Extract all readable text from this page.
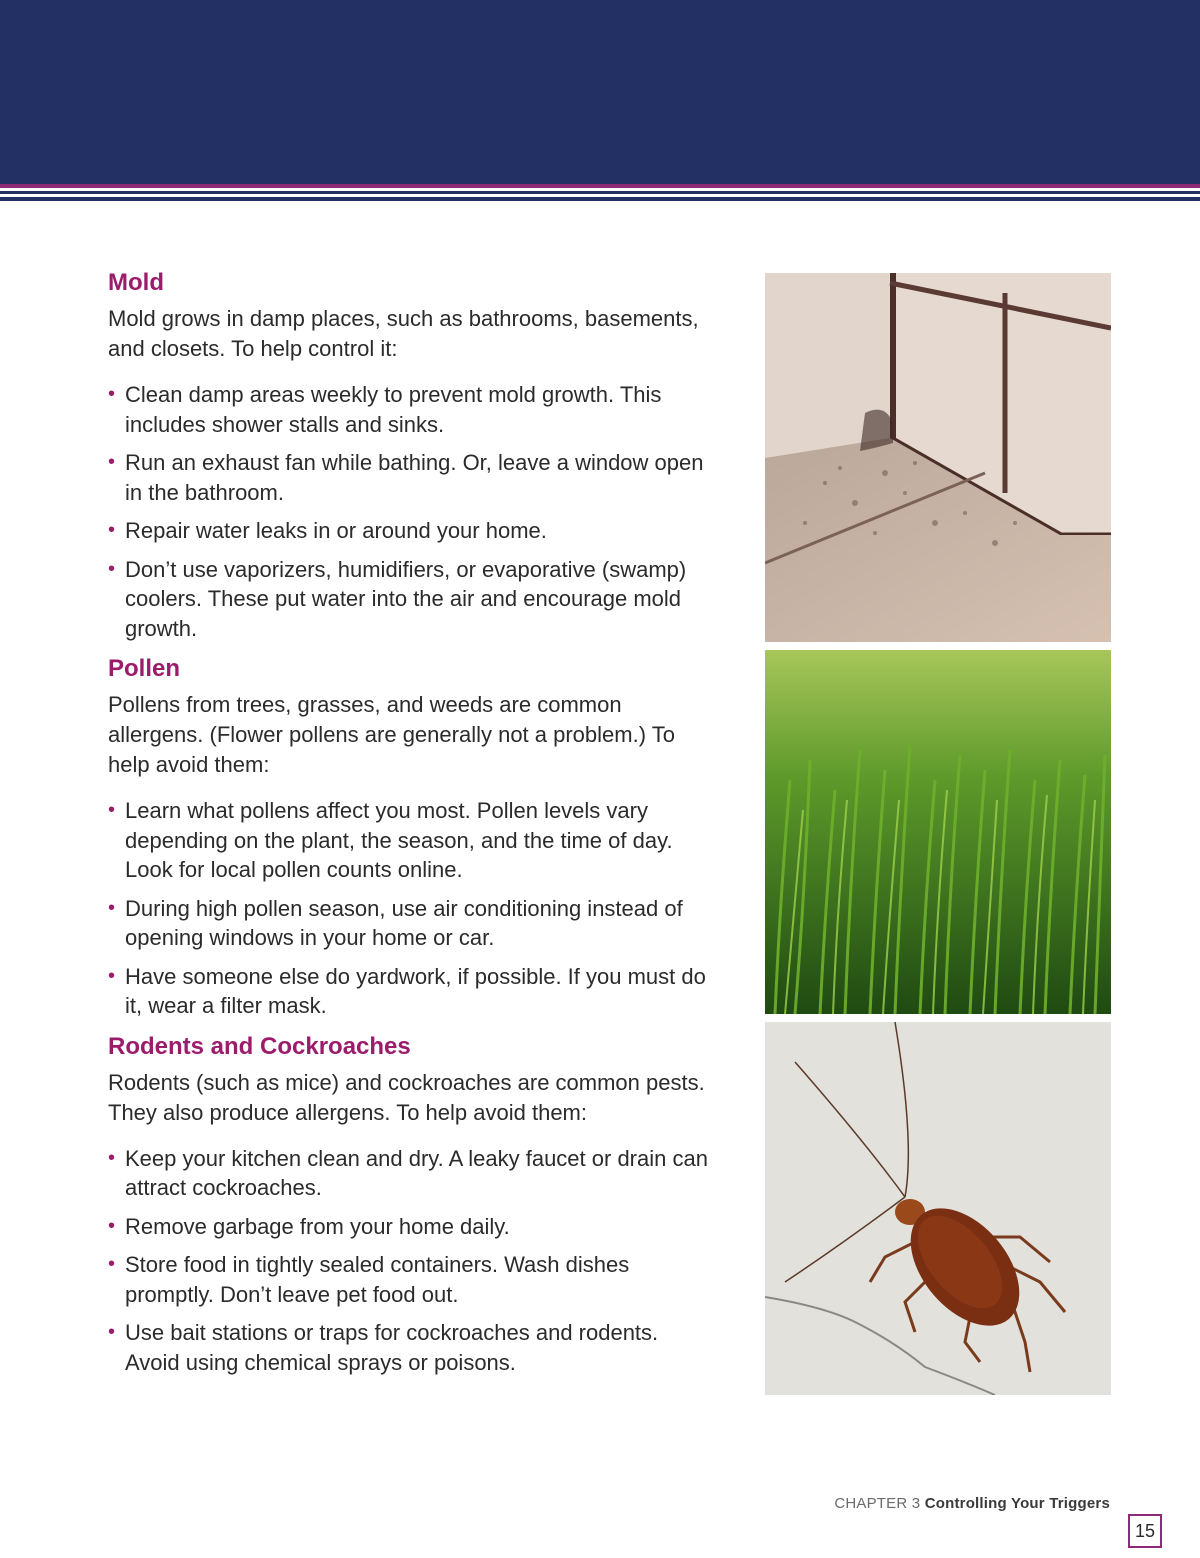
Mold

Mold grows in damp places, such as bathrooms, basements, and closets. To help control it:

• Clean damp areas weekly to prevent mold growth. This includes shower stalls and sinks.
• Run an exhaust fan while bathing. Or, leave a window open in the bathroom.
• Repair water leaks in or around your home.
• Don’t use vaporizers, humidifiers, or evaporative (swamp) coolers. These put water into the air and encourage mold growth.
Pollen

Pollens from trees, grasses, and weeds are common allergens. (Flower pollens are generally not a problem.) To help avoid them:

• Learn what pollens affect you most. Pollen levels vary depending on the plant, the season, and the time of day. Look for local pollen counts online.
• During high pollen season, use air conditioning instead of opening windows in your home or car.
• Have someone else do yardwork, if possible. If you must do it, wear a filter mask.
Rodents and Cockroaches

Rodents (such as mice) and cockroaches are common pests. They also produce allergens. To help avoid them:

• Keep your kitchen clean and dry. A leaky faucet or drain can attract cockroaches.
• Remove garbage from your home daily.
• Store food in tightly sealed containers. Wash dishes promptly. Don’t leave pet food out.
• Use bait stations or traps for cockroaches and rodents. Avoid using chemical sprays or poisons.
CHAPTER 3 Controlling Your Triggers
15
